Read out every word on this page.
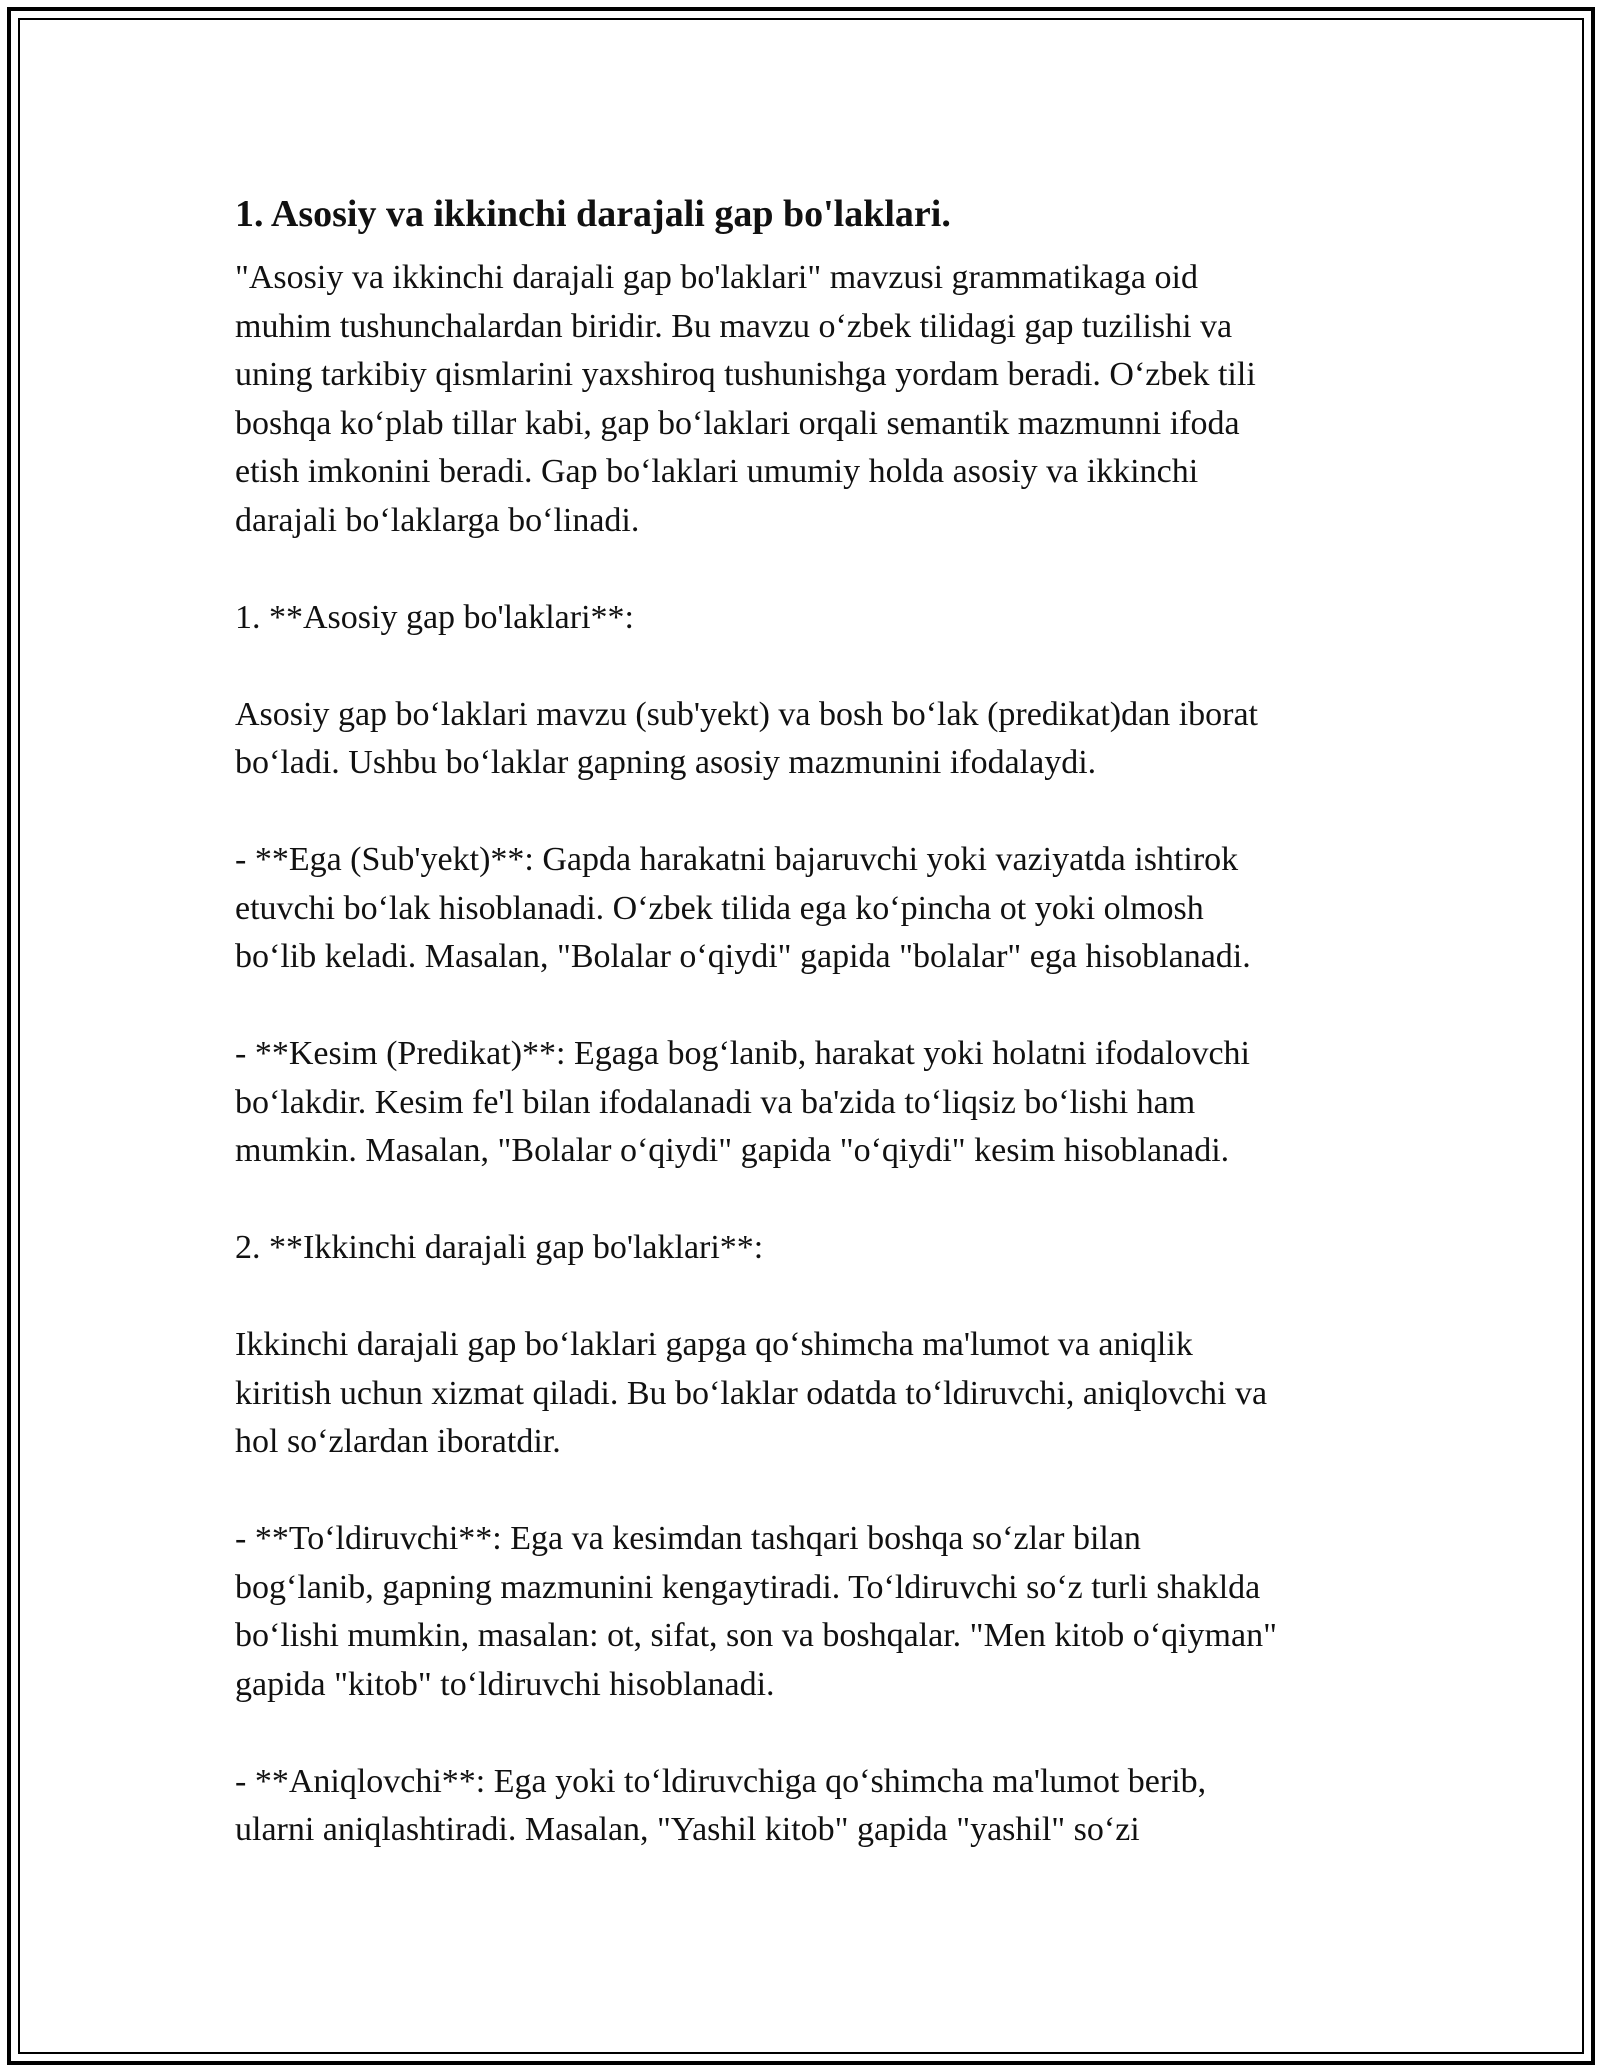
1. Asosiy va ikkinchi darajali gap bo'laklari.

"Asosiy va ikkinchi darajali gap bo'laklari" mavzusi grammatikaga oid
muhim tushunchalardan biridir. Bu mavzu o‘zbek tilidagi gap tuzilishi va
uning tarkibiy qismlarini yaxshiroq tushunishga yordam beradi. O‘zbek tili
boshqa ko‘plab tillar kabi, gap bo‘laklari orqali semantik mazmunni ifoda
etish imkonini beradi. Gap bo‘laklari umumiy holda asosiy va ikkinchi
darajali bo‘laklarga bo‘linadi.

1. **Asosiy gap bo'laklari**:

Asosiy gap bo‘laklari mavzu (sub'yekt) va bosh bo‘lak (predikat)dan iborat
bo‘ladi. Ushbu bo‘laklar gapning asosiy mazmunini ifodalaydi.

- **Ega (Sub'yekt)**: Gapda harakatni bajaruvchi yoki vaziyatda ishtirok
etuvchi bo‘lak hisoblanadi. O‘zbek tilida ega ko‘pincha ot yoki olmosh
bo‘lib keladi. Masalan, "Bolalar o‘qiydi" gapida "bolalar" ega hisoblanadi.

- **Kesim (Predikat)**: Egaga bog‘lanib, harakat yoki holatni ifodalovchi
bo‘lakdir. Kesim fe'l bilan ifodalanadi va ba'zida to‘liqsiz bo‘lishi ham
mumkin. Masalan, "Bolalar o‘qiydi" gapida "o‘qiydi" kesim hisoblanadi.

2. **Ikkinchi darajali gap bo'laklari**:

Ikkinchi darajali gap bo‘laklari gapga qo‘shimcha ma'lumot va aniqlik
kiritish uchun xizmat qiladi. Bu bo‘laklar odatda to‘ldiruvchi, aniqlovchi va
hol so‘zlardan iboratdir.

- **To‘ldiruvchi**: Ega va kesimdan tashqari boshqa so‘zlar bilan
bog‘lanib, gapning mazmunini kengaytiradi. To‘ldiruvchi so‘z turli shaklda
bo‘lishi mumkin, masalan: ot, sifat, son va boshqalar. "Men kitob o‘qiyman"
gapida "kitob" to‘ldiruvchi hisoblanadi.

- **Aniqlovchi**: Ega yoki to‘ldiruvchiga qo‘shimcha ma'lumot berib,
ularni aniqlashtiradi. Masalan, "Yashil kitob" gapida "yashil" so‘zi
